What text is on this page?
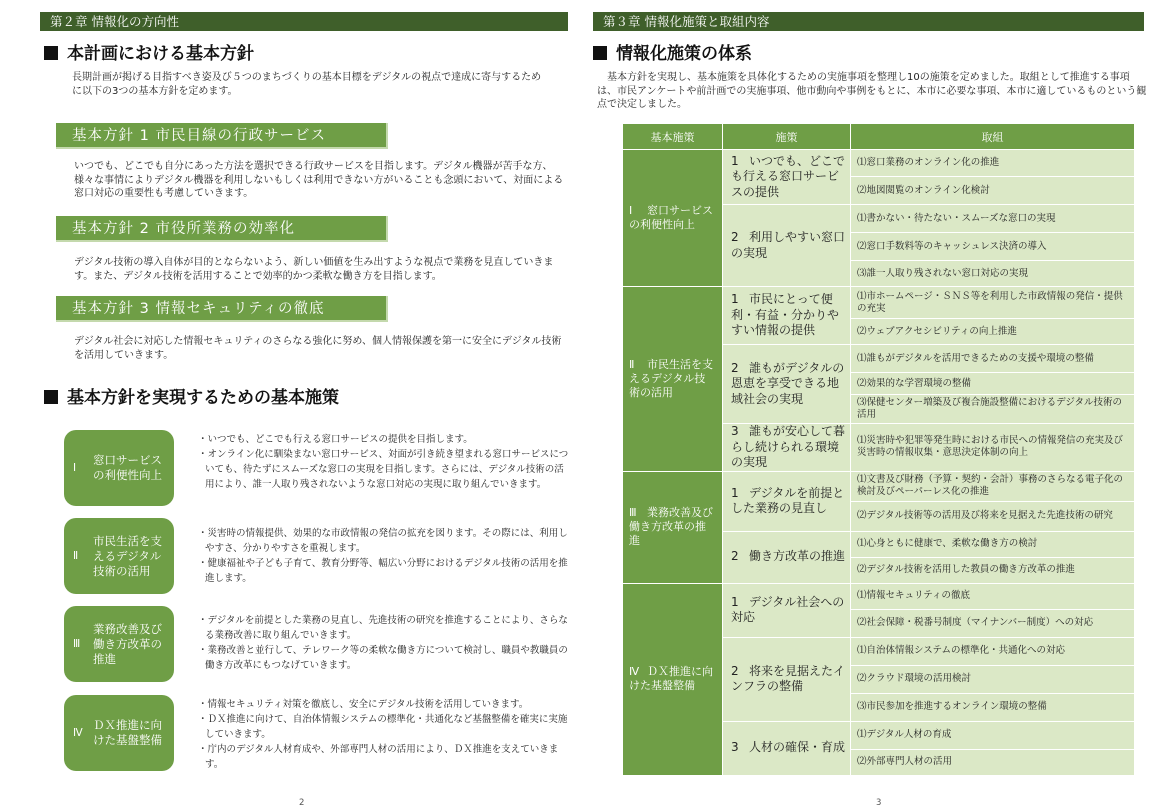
第２章 情報化の方向性
本計画における基本方針
長期計画が掲げる目指すべき姿及び５つのまちづくりの基本目標をデジタルの視点で達成に寄与するために以下の3つの基本方針を定めます。
基本方針 1 市民目線の行政サービス
いつでも、どこでも自分にあった方法を選択できる行政サービスを目指します。デジタル機器が苦手な方、様々な事情によりデジタル機器を利用しないもしくは利用できない方がいることも念頭において、対面による窓口対応の重要性も考慮していきます。
基本方針 2 市役所業務の効率化
デジタル技術の導入自体が目的とならないよう、新しい価値を生み出すような視点で業務を見直していきます。また、デジタル技術を活用することで効率的かつ柔軟な働き方を目指します。
基本方針 3 情報セキュリティの徹底
デジタル社会に対応した情報セキュリティのさらなる強化に努め、個人情報保護を第一に安全にデジタル技術を活用していきます。
基本方針を実現するための基本施策
Ⅰ
窓口サービスの利便性向上
・いつでも、どこでも行える窓口サービスの提供を目指します。
・オンライン化に馴染まない窓口サービス、対面が引き続き望まれる窓口サービスについても、待たずにスムーズな窓口の実現を目指します。さらには、デジタル技術の活用により、誰一人取り残されないような窓口対応の実現に取り組んでいきます。
Ⅱ
市民生活を支えるデジタル技術の活用
・災害時の情報提供、効果的な市政情報の発信の拡充を図ります。その際には、利用しやすさ、分かりやすさを重視します。
・健康福祉や子ども子育て、教育分野等、幅広い分野におけるデジタル技術の活用を推進します。
Ⅲ
業務改善及び働き方改革の推進
・デジタルを前提とした業務の見直し、先進技術の研究を推進することにより、さらなる業務改善に取り組んでいきます。
・業務改善と並行して、テレワーク等の柔軟な働き方について検討し、職員や教職員の働き方改革にもつなげていきます。
Ⅳ
ＤＸ推進に向けた基盤整備
・情報セキュリティ対策を徹底し、安全にデジタル技術を活用していきます。
・ＤＸ推進に向けて、自治体情報システムの標準化・共通化など基盤整備を確実に実施していきます。
・庁内のデジタル人材育成や、外部専門人材の活用により、ＤＸ推進を支えていきます。
2
第３章 情報化施策と取組内容
情報化施策の体系
基本方針を実現し、基本施策を具体化するための実施事項を整理し10の施策を定めました。取組として推進する事項は、市民アンケートや前計画での実施事項、他市動向や事例をもとに、本市に必要な事項、本市に適しているものという観点で決定しました。
基本施策	施策	取組
Ⅰ 窓口サービスの利便性向上	1 いつでも、どこでも行える窓口サービスの提供	⑴窓口業務のオンライン化の推進
		⑵地図閲覧のオンライン化検討
	2 利用しやすい窓口の実現	⑴書かない・待たない・スムーズな窓口の実現
		⑵窓口手数料等のキャッシュレス決済の導入
		⑶誰一人取り残されない窓口対応の実現
Ⅱ 市民生活を支えるデジタル技術の活用	1 市民にとって便利・有益・分かりやすい情報の提供	⑴市ホームページ・ＳＮＳ等を利用した市政情報の発信・提供の充実
		⑵ウェブアクセシビリティの向上推進
	2 誰もがデジタルの恩恵を享受できる地域社会の実現	⑴誰もがデジタルを活用できるための支援や環境の整備
		⑵効果的な学習環境の整備
		⑶保健センター増築及び複合施設整備におけるデジタル技術の活用
	3 誰もが安心して暮らし続けられる環境の実現	⑴災害時や犯罪等発生時における市民への情報発信の充実及び災害時の情報収集・意思決定体制の向上
Ⅲ 業務改善及び働き方改革の推進	1 デジタルを前提とした業務の見直し	⑴文書及び財務（予算・契約・会計）事務のさらなる電子化の検討及びペーパーレス化の推進
		⑵デジタル技術等の活用及び将来を見据えた先進技術の研究
	2 働き方改革の推進	⑴心身ともに健康で、柔軟な働き方の検討
		⑵デジタル技術を活用した教員の働き方改革の推進
Ⅳ ＤＸ推進に向けた基盤整備	1 デジタル社会への対応	⑴情報セキュリティの徹底
		⑵社会保障・税番号制度（マイナンバー制度）への対応
	2 将来を見据えたインフラの整備	⑴自治体情報システムの標準化・共通化への対応
		⑵クラウド環境の活用検討
		⑶市民参加を推進するオンライン環境の整備
	3 人材の確保・育成	⑴デジタル人材の育成
		⑵外部専門人材の活用
3
